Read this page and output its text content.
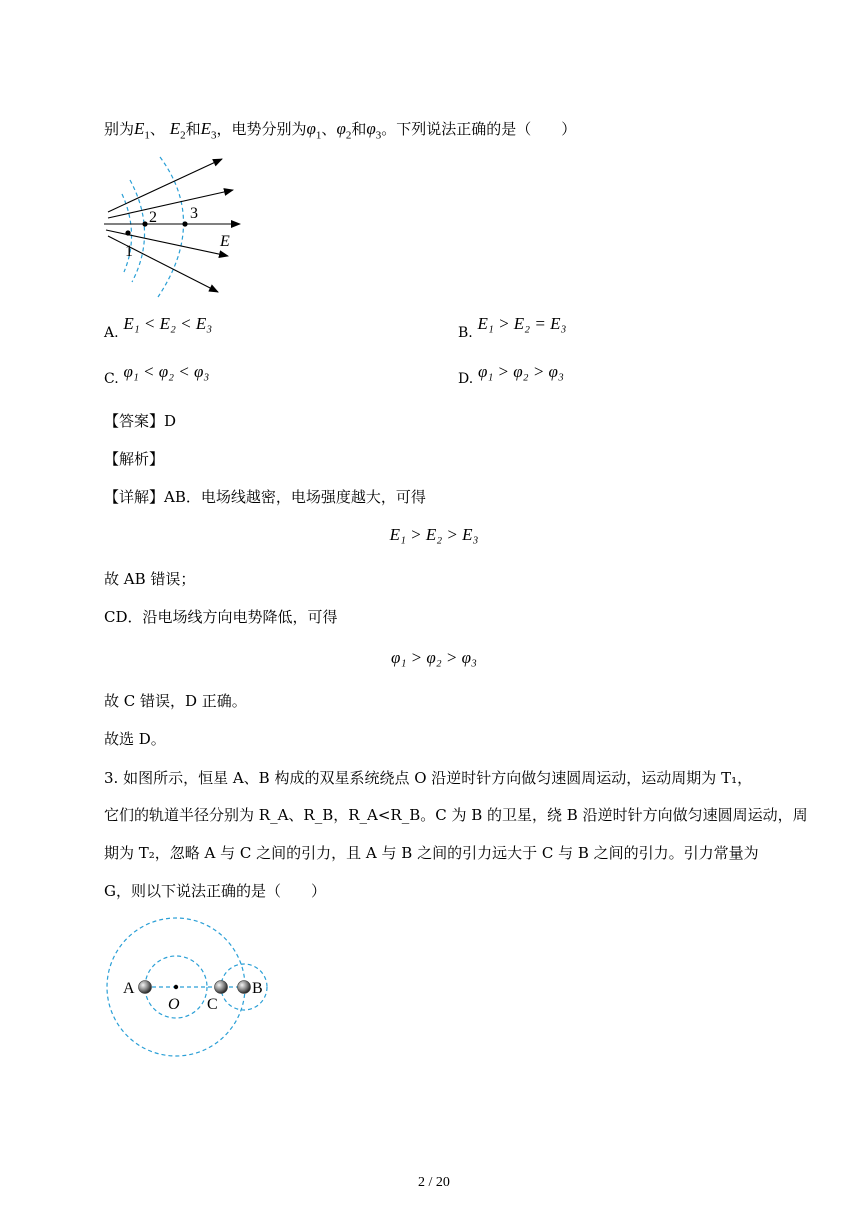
别为$E_1$、 $E_2$和$E_3$，电势分别为$\varphi_1$、$\varphi_2$和$\varphi_3$。下列说法正确的是（　　）
1
2 3
E
A. E₁ < E₂ < E₃	B. E₁ > E₂ = E₃
C. φ₁ < φ₂ < φ₃	D. φ₁ > φ₂ > φ₃
【答案】D
【解析】
【详解】AB．电场线越密，电场强度越大，可得
E₁ > E₂ > E₃
故 AB 错误；
CD．沿电场线方向电势降低，可得
φ₁ > φ₂ > φ₃
故 C 错误，D 正确。
故选 D。
3. 如图所示，恒星 A、B 构成的双星系统绕点 O 沿逆时针方向做匀速圆周运动，运动周期为 T₁，
它们的轨道半径分别为 R_A、R_B，R_A<R_B。C 为 B 的卫星，绕 B 沿逆时针方向做匀速圆周运动，周
期为 T₂，忽略 A 与 C 之间的引力，且 A 与 B 之间的引力远大于 C 与 B 之间的引力。引力常量为
G，则以下说法正确的是（　　）
A
O C
B
2 / 20
